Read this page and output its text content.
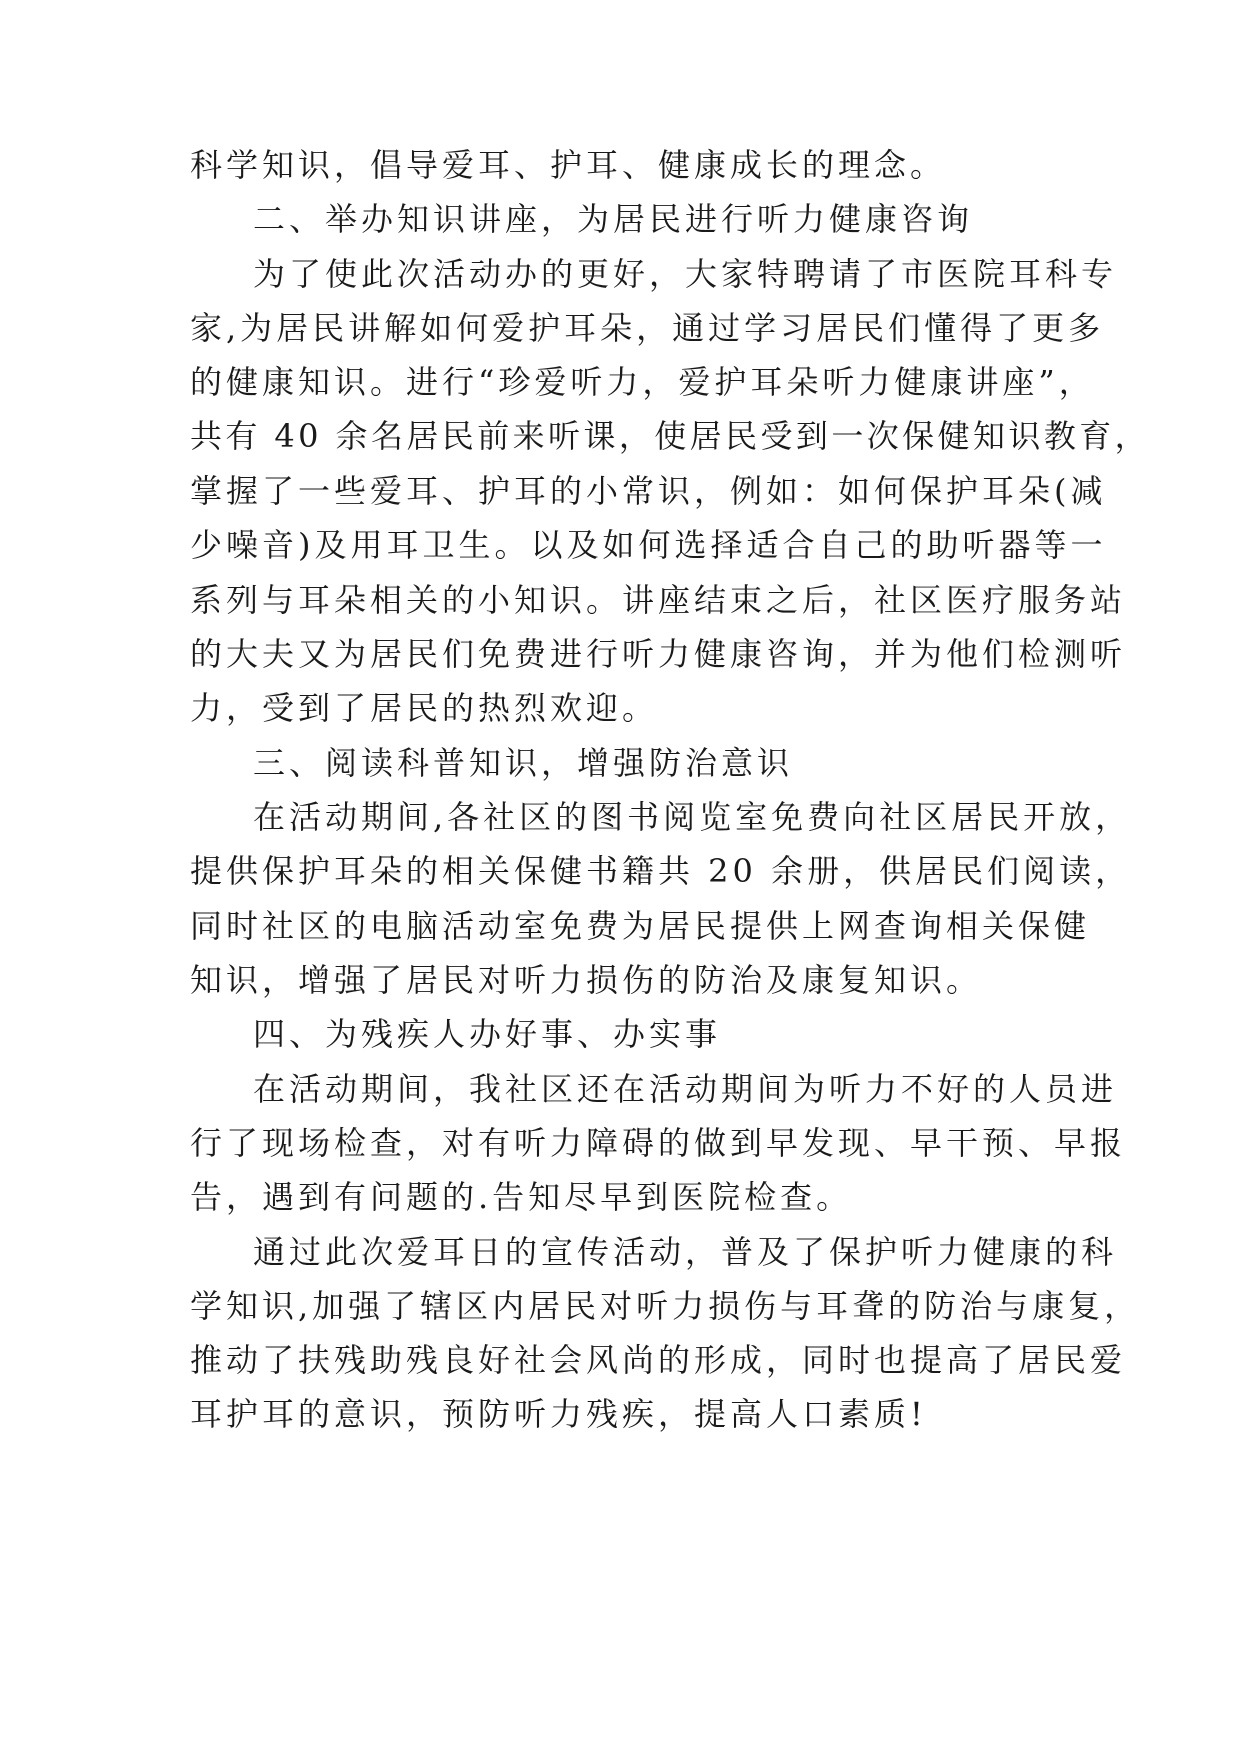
科学知识，倡导爱耳、护耳、健康成长的理念。
二、举办知识讲座，为居民进行听力健康咨询
为了使此次活动办的更好，大家特聘请了市医院耳科专
家,为居民讲解如何爱护耳朵，通过学习居民们懂得了更多
的健康知识。进行“珍爱听力，爱护耳朵听力健康讲座”，
共有 40 余名居民前来听课，使居民受到一次保健知识教育，
掌握了一些爱耳、护耳的小常识，例如：如何保护耳朵(减
少噪音)及用耳卫生。以及如何选择适合自己的助听器等一
系列与耳朵相关的小知识。讲座结束之后，社区医疗服务站
的大夫又为居民们免费进行听力健康咨询，并为他们检测听
力，受到了居民的热烈欢迎。
三、阅读科普知识，增强防治意识
在活动期间,各社区的图书阅览室免费向社区居民开放，
提供保护耳朵的相关保健书籍共 20 余册，供居民们阅读，
同时社区的电脑活动室免费为居民提供上网查询相关保健
知识，增强了居民对听力损伤的防治及康复知识。
四、为残疾人办好事、办实事
在活动期间，我社区还在活动期间为听力不好的人员进
行了现场检查，对有听力障碍的做到早发现、早干预、早报
告，遇到有问题的.告知尽早到医院检查。
通过此次爱耳日的宣传活动，普及了保护听力健康的科
学知识,加强了辖区内居民对听力损伤与耳聋的防治与康复，
推动了扶残助残良好社会风尚的形成，同时也提高了居民爱
耳护耳的意识，预防听力残疾，提高人口素质!
